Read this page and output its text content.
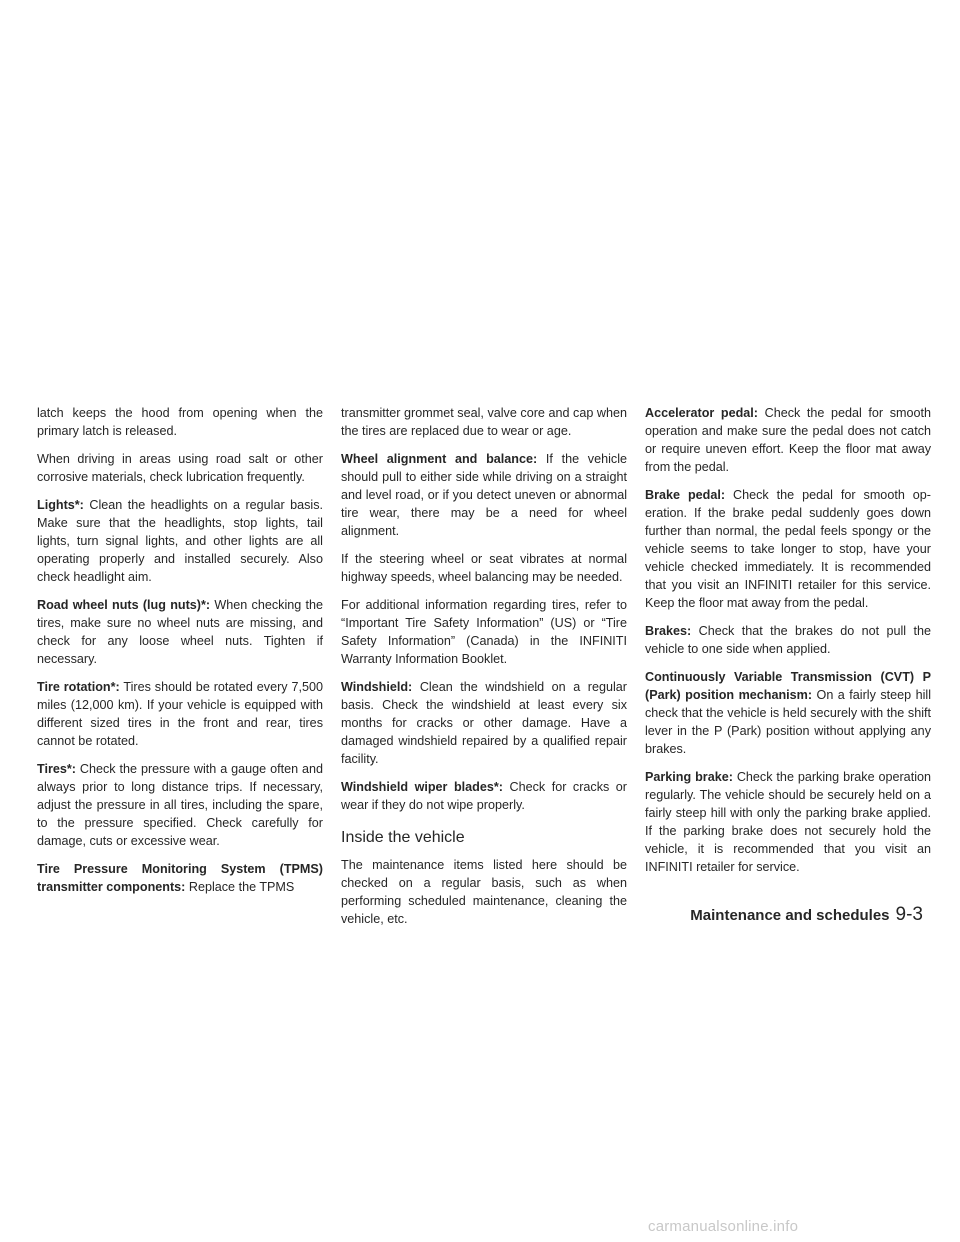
latch keeps the hood from opening when the primary latch is released.

When driving in areas using road salt or other corrosive materials, check lubrication frequently.

Lights*: Clean the headlights on a regular basis. Make sure that the headlights, stop lights, tail lights, turn signal lights, and other lights are all operating properly and installed securely. Also check headlight aim.

Road wheel nuts (lug nuts)*: When checking the tires, make sure no wheel nuts are missing, and check for any loose wheel nuts. Tighten if necessary.

Tire rotation*: Tires should be rotated every 7,500 miles (12,000 km). If your vehicle is equipped with different sized tires in the front and rear, tires cannot be rotated.

Tires*: Check the pressure with a gauge often and always prior to long distance trips. If necessary, adjust the pressure in all tires, including the spare, to the pressure specified. Check carefully for damage, cuts or excessive wear.

Tire Pressure Monitoring System (TPMS) transmitter components: Replace the TPMS

transmitter grommet seal, valve core and cap when the tires are replaced due to wear or age.

Wheel alignment and balance: If the vehicle should pull to either side while driving on a straight and level road, or if you detect uneven or abnormal tire wear, there may be a need for wheel alignment.

If the steering wheel or seat vibrates at normal highway speeds, wheel balancing may be needed.

For additional information regarding tires, refer to “Important Tire Safety Information” (US) or “Tire Safety Information” (Canada) in the INFINITI Warranty Information Booklet.

Windshield: Clean the windshield on a regular basis. Check the windshield at least every six months for cracks or other damage. Have a damaged windshield repaired by a qualified repair facility.

Windshield wiper blades*: Check for cracks or wear if they do not wipe properly.

Inside the vehicle

The maintenance items listed here should be checked on a regular basis, such as when performing scheduled maintenance, cleaning the vehicle, etc.

Accelerator pedal: Check the pedal for smooth operation and make sure the pedal does not catch or require uneven effort. Keep the floor mat away from the pedal.

Brake pedal: Check the pedal for smooth operation. If the brake pedal suddenly goes down further than normal, the pedal feels spongy or the vehicle seems to take longer to stop, have your vehicle checked immediately. It is recommended that you visit an INFINITI retailer for this service. Keep the floor mat away from the pedal.

Brakes: Check that the brakes do not pull the vehicle to one side when applied.

Continuously Variable Transmission (CVT) P (Park) position mechanism: On a fairly steep hill check that the vehicle is held securely with the shift lever in the P (Park) position without applying any brakes.

Parking brake: Check the parking brake operation regularly. The vehicle should be securely held on a fairly steep hill with only the parking brake applied. If the parking brake does not securely hold the vehicle, it is recommended that you visit an INFINITI retailer for service.

Maintenance and schedules 9-3
carmanualsonline.info
